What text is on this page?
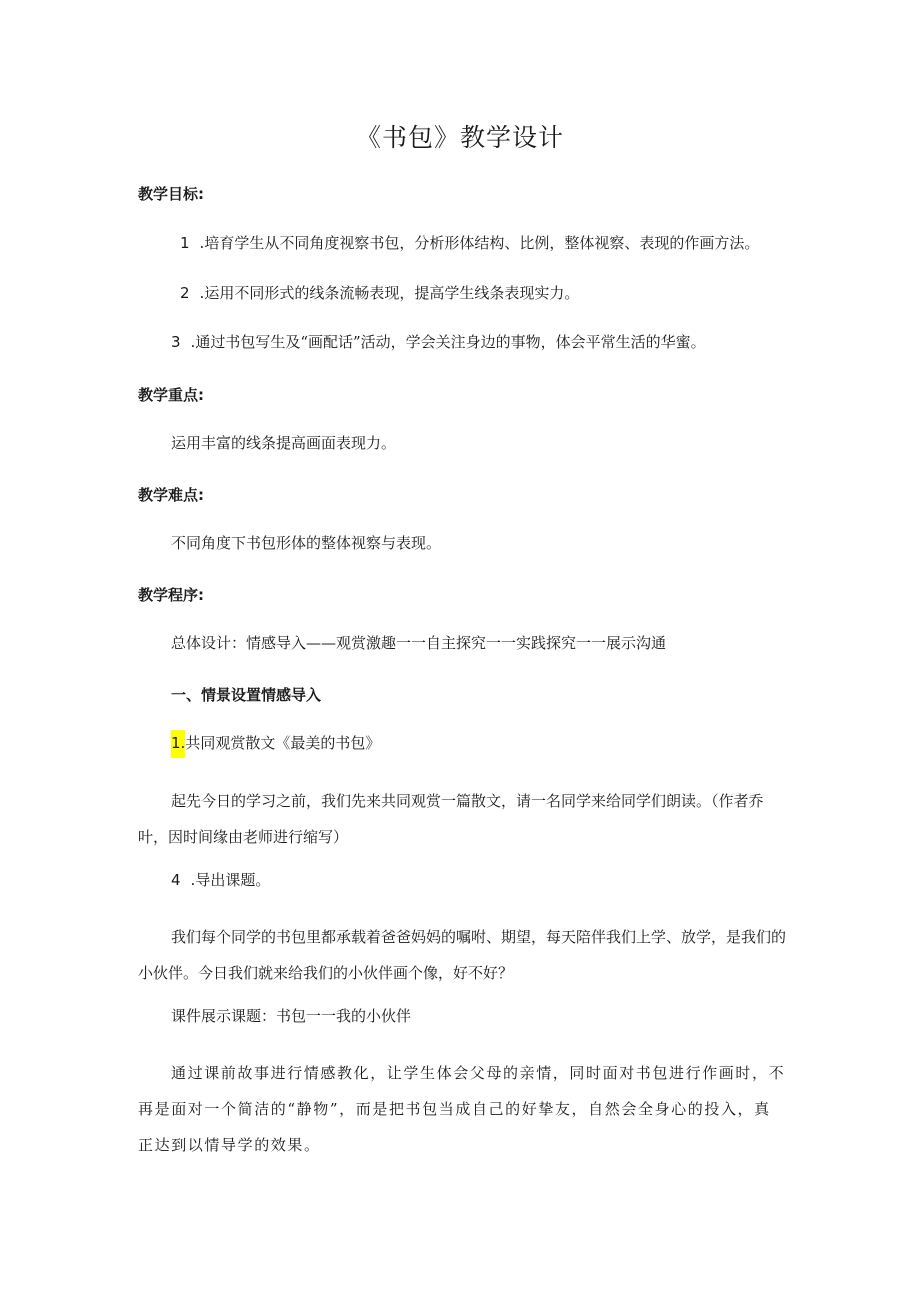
《书包》教学设计
教学目标:
1 .培育学生从不同角度视察书包，分析形体结构、比例，整体视察、表现的作画方法。
2 .运用不同形式的线条流畅表现，提高学生线条表现实力。
3 .通过书包写生及“画配话”活动，学会关注身边的事物，体会平常生活的华蜜。
教学重点:
运用丰富的线条提高画面表现力。
教学难点:
不同角度下书包形体的整体视察与表现。
教学程序:
总体设计：情感导入——观赏激趣一一自主探究一一实践探究一一展示沟通
一、情景设置情感导入
1.共同观赏散文《最美的书包》
起先今日的学习之前，我们先来共同观赏一篇散文，请一名同学来给同学们朗读。（作者乔叶，因时间缘由老师进行缩写）
4 .导出课题。
我们每个同学的书包里都承载着爸爸妈妈的嘱咐、期望，每天陪伴我们上学、放学，是我们的小伙伴。今日我们就来给我们的小伙伴画个像，好不好？
课件展示课题：书包一一我的小伙伴
通过课前故事进行情感教化，让学生体会父母的亲情，同时面对书包进行作画时，不再是面对一个简洁的“静物”，而是把书包当成自己的好挚友，自然会全身心的投入，真正达到以情导学的效果。
